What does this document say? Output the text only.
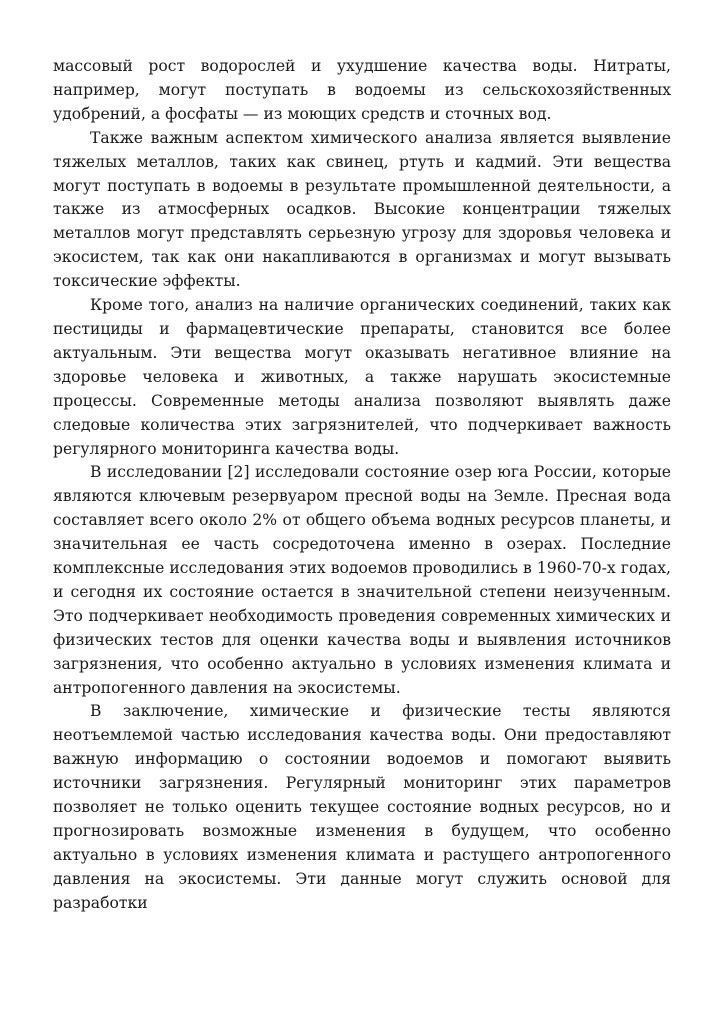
массовый рост водорослей и ухудшение качества воды. Нитраты, например, могут поступать в водоемы из сельскохозяйственных удобрений, а фосфаты — из моющих средств и сточных вод.

Также важным аспектом химического анализа является выявление тяжелых металлов, таких как свинец, ртуть и кадмий. Эти вещества могут поступать в водоемы в результате промышленной деятельности, а также из атмосферных осадков. Высокие концентрации тяжелых металлов могут представлять серьезную угрозу для здоровья человека и экосистем, так как они накапливаются в организмах и могут вызывать токсические эффекты.

Кроме того, анализ на наличие органических соединений, таких как пестициды и фармацевтические препараты, становится все более актуальным. Эти вещества могут оказывать негативное влияние на здоровье человека и животных, а также нарушать экосистемные процессы. Современные методы анализа позволяют выявлять даже следовые количества этих загрязнителей, что подчеркивает важность регулярного мониторинга качества воды.

В исследовании [2] исследовали состояние озер юга России, которые являются ключевым резервуаром пресной воды на Земле. Пресная вода составляет всего около 2% от общего объема водных ресурсов планеты, и значительная ее часть сосредоточена именно в озерах. Последние комплексные исследования этих водоемов проводились в 1960-70-х годах, и сегодня их состояние остается в значительной степени неизученным. Это подчеркивает необходимость проведения современных химических и физических тестов для оценки качества воды и выявления источников загрязнения, что особенно актуально в условиях изменения климата и антропогенного давления на экосистемы.

В заключение, химические и физические тесты являются неотъемлемой частью исследования качества воды. Они предоставляют важную информацию о состоянии водоемов и помогают выявить источники загрязнения. Регулярный мониторинг этих параметров позволяет не только оценить текущее состояние водных ресурсов, но и прогнозировать возможные изменения в будущем, что особенно актуально в условиях изменения климата и растущего антропогенного давления на экосистемы. Эти данные могут служить основой для разработки
